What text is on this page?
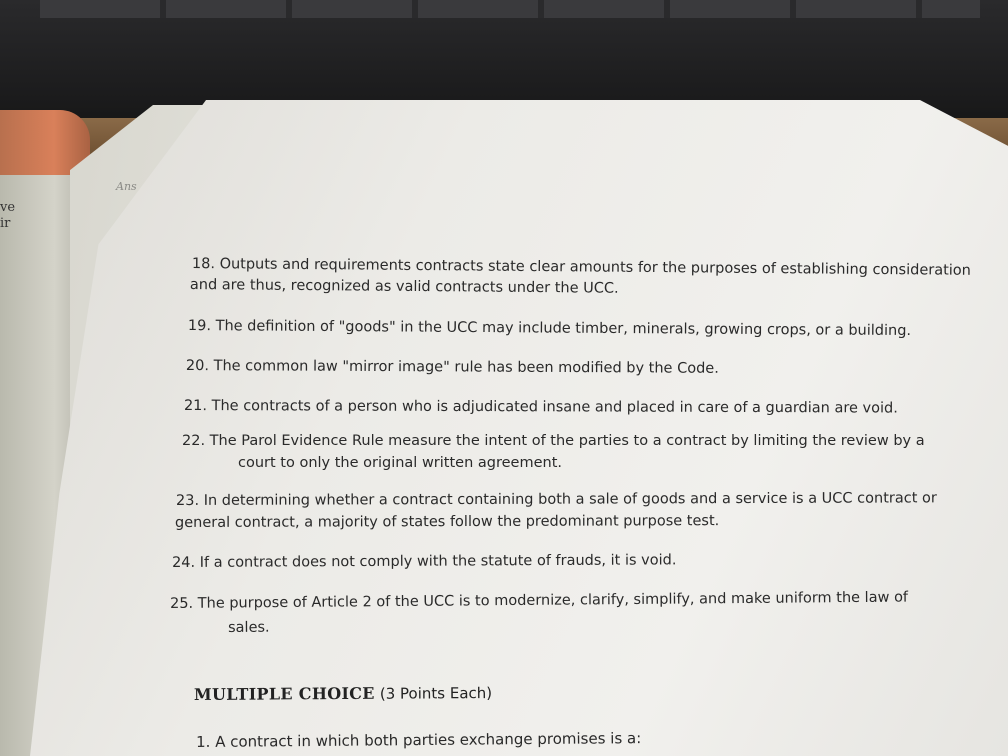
ve
ir
Ans
18. Outputs and requirements contracts state clear amounts for the purposes of establishing consideration
and are thus, recognized as valid contracts under the UCC.
19. The definition of "goods" in the UCC may include timber, minerals, growing crops, or a building.
20. The common law "mirror image" rule has been modified by the Code.
21. The contracts of a person who is adjudicated insane and placed in care of a guardian are void.
22. The Parol Evidence Rule measure the intent of the parties to a contract by limiting the review by a
court to only the original written agreement.
23. In determining whether a contract containing both a sale of goods and a service is a UCC contract or
general contract, a majority of states follow the predominant purpose test.
24. If a contract does not comply with the statute of frauds, it is void.
25. The purpose of Article 2 of the UCC is to modernize, clarify, simplify, and make uniform the law of
sales.
MULTIPLE CHOICE (3 Points Each)
1. A contract in which both parties exchange promises is a:
